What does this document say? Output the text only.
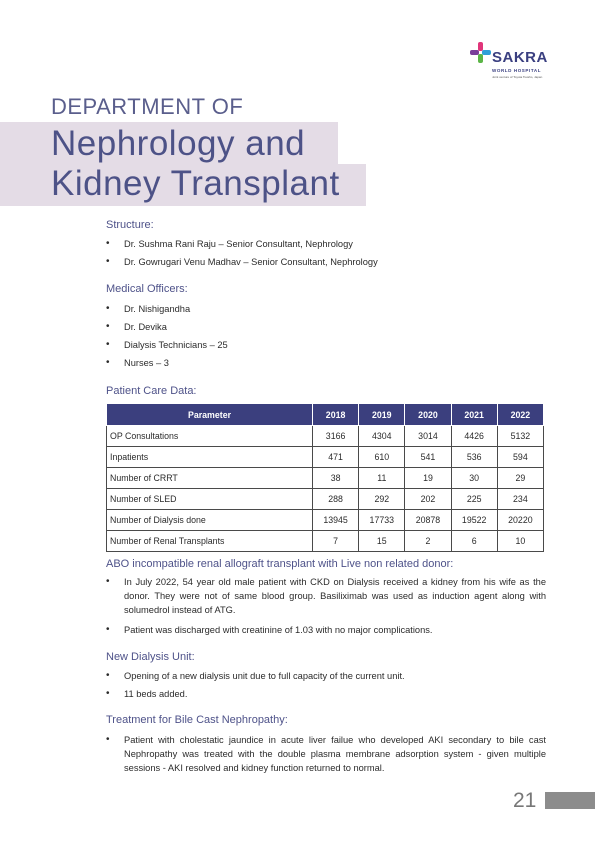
SAKRA
WORLD HOSPITAL
Joint venture of Toyota Tsusho, Japan
DEPARTMENT OF
Nephrology and
Kidney Transplant
Structure:
• Dr. Sushma Rani Raju – Senior Consultant, Nephrology
• Dr. Gowrugari Venu Madhav – Senior Consultant, Nephrology
Medical Officers:
• Dr. Nishigandha
• Dr. Devika
• Dialysis Technicians – 25
• Nurses – 3
Patient Care Data:
Parameter	2018	2019	2020	2021	2022
OP Consultations	3166	4304	3014	4426	5132
Inpatients	471	610	541	536	594
Number of CRRT	38	11	19	30	29
Number of SLED	288	292	202	225	234
Number of Dialysis done	13945	17733	20878	19522	20220
Number of Renal Transplants	7	15	2	6	10
ABO incompatible renal allograft transplant with Live non related donor:
• In July 2022, 54 year old male patient with CKD on Dialysis received a kidney from his wife as the donor. They were not of same blood group. Basiliximab was used as induction agent along with solumedrol instead of ATG.
• Patient was discharged with creatinine of 1.03 with no major complications.
New Dialysis Unit:
• Opening of a new dialysis unit due to full capacity of the current unit.
• 11 beds added.
Treatment for Bile Cast Nephropathy:
• Patient with cholestatic jaundice in acute liver failue who developed AKI secondary to bile cast Nephropathy was treated with the double plasma membrane adsorption system - given multiple sessions - AKI resolved and kidney function returned to normal.
21
